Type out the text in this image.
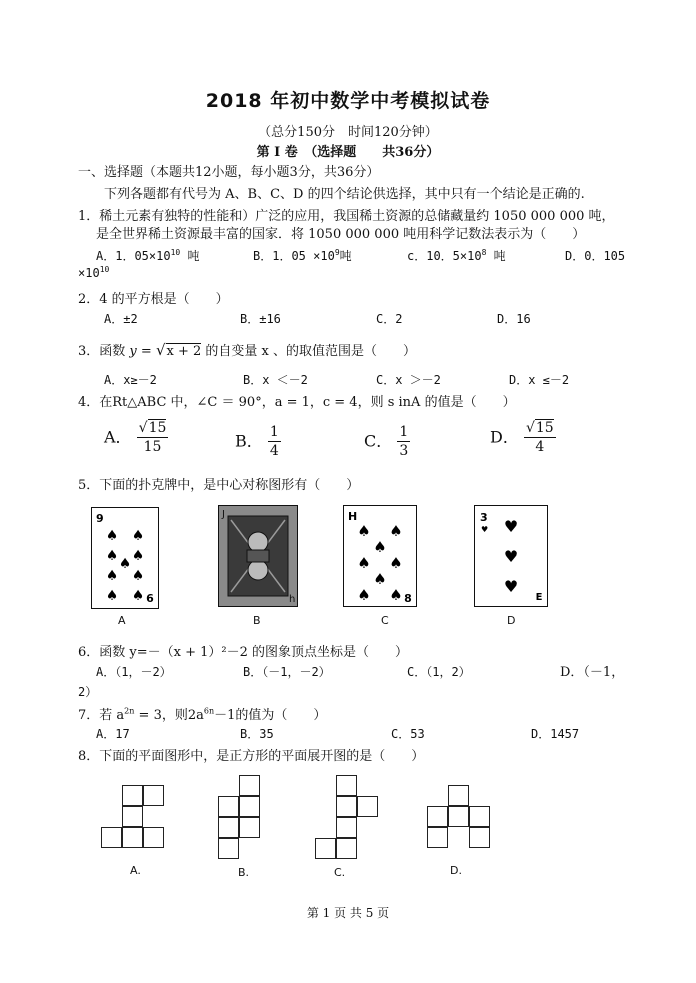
2018 年初中数学中考模拟试卷
（总分150分　时间120分钟）
第 I 卷　（选择题　　共36分）
一、选择题（本题共12小题，每小题3分，共36分）
下列各题都有代号为 A、B、C、D 的四个结论供选择，其中只有一个结论是正确的.
1．稀土元素有独特的性能和）广泛的应用，我国稀土资源的总储藏量约 1050 000 000 吨，
是全世界稀土资源最丰富的国家．将 1050 000 000 吨用科学记数法表示为（　　）
A．1．$05\times 10^{10}$ 吨	B．1．$05 \times 10^9$吨	c．10．$5\times 10^8$ 吨	D．0．105
$\times 10^{10}$
2．4 的平方根是（　　）
A．±2	B．±16	C．2	D．16
3．函数 y = √x + 2 的自变量 x 、的取值范围是（　　）
A．x≥－2	B．x ＜－2	C．x ＞－2	D．x ≤－2
4．在Rt△ABC 中，∠C ＝ 90°，a = 1，c = 4，则 s inA 的值是（　　）
A． $\frac{√15}{15}$	B． $\frac{1}{4}$	C． $\frac{1}{3}$	D． $\frac{√15}{4}$
5．下面的扑克牌中，是中心对称图形有（　　）
9
♠ ♠
♠ ♠
♠
♠ ♠
♠ ♠ 6
A
J
h
B
H
♠ ♠
♠
♠ ♠
♠
♠ ♠ 8
C
3
♥ ♥
♥
♥
E
D
6．函数 y=－（x + 1）²－2 的图象顶点坐标是（　　）
A．（1，－2）	B．（－1，－2）	C．（1，2）	D．（－1，
2）
7．若 $a^{2n} = 3$，则$2a^{6n}-1$的值为（　　）
A．17	B．35	C．53	D．1457
8．下面的平面图形中，是正方形的平面展开图的是（　　）
A.	B.	C.	D.
第 1 页 共 5 页
